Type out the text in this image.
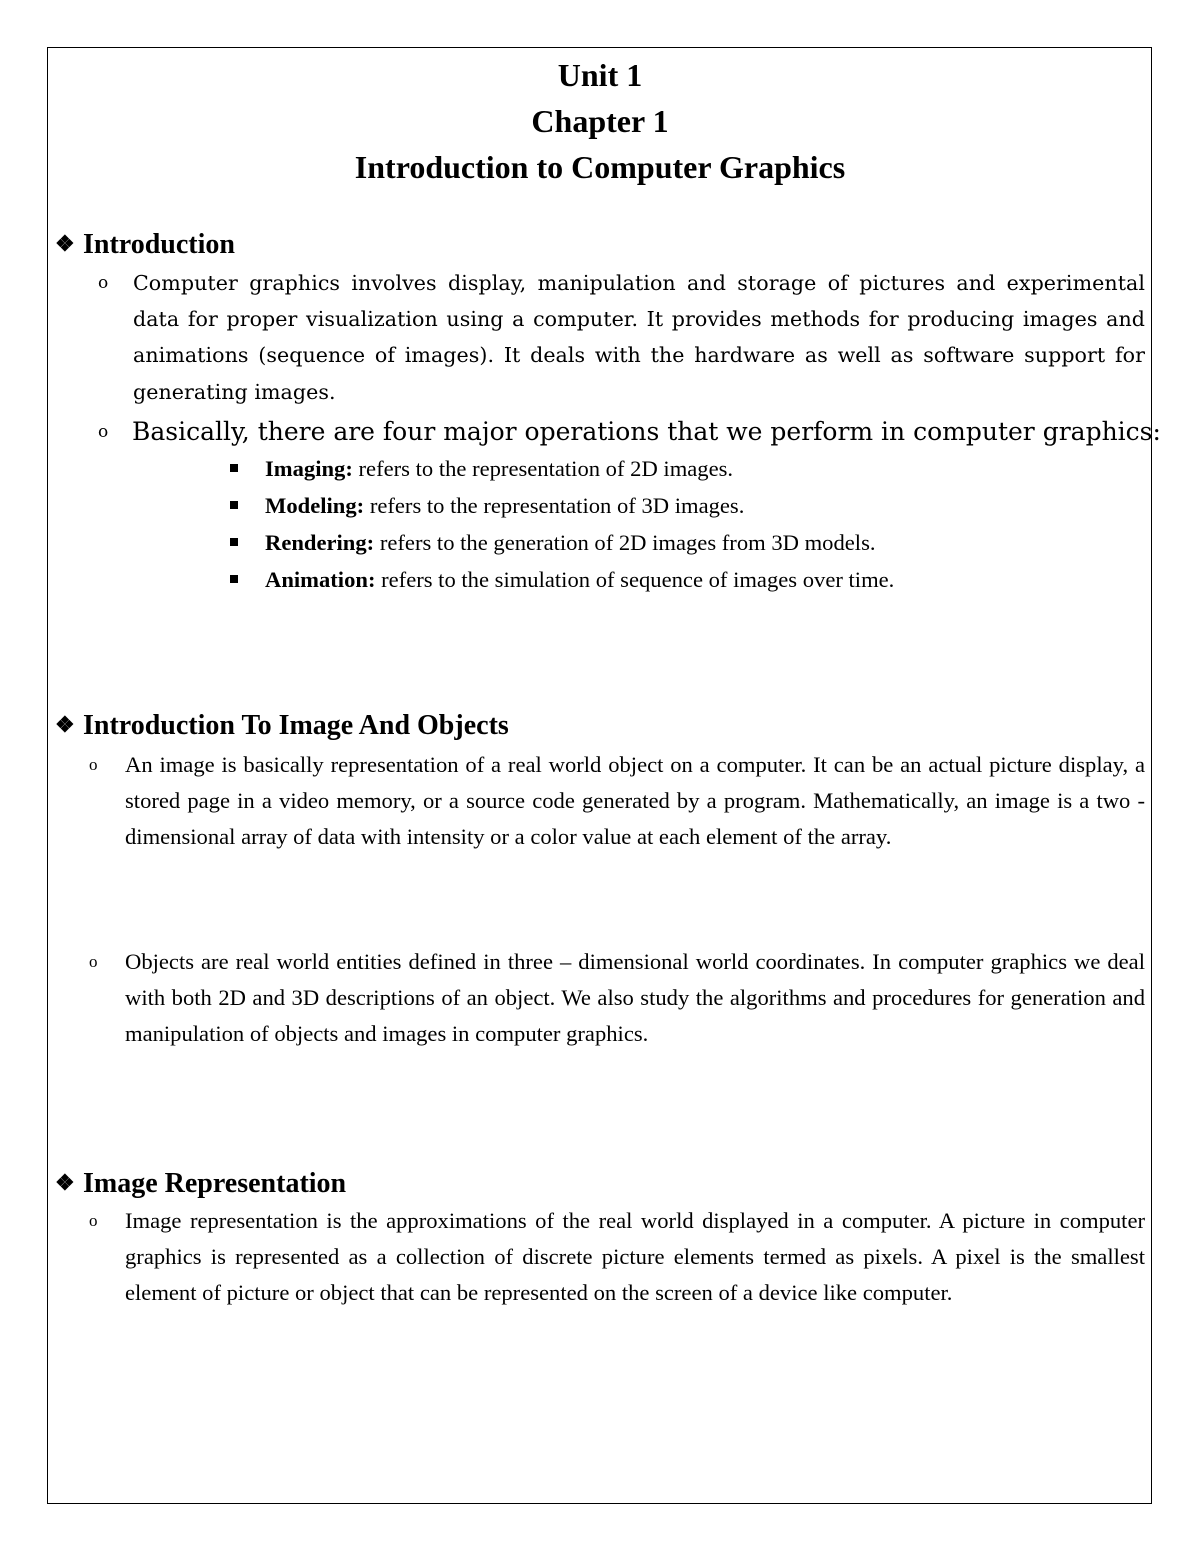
Unit 1
Chapter 1
Introduction to Computer Graphics
❖ Introduction
o Computer graphics involves display, manipulation and storage of pictures and experimental data for proper visualization using a computer. It provides methods for producing images and animations (sequence of images). It deals with the hardware as well as software support for generating images.
o Basically, there are four major operations that we perform in computer graphics:
Imaging: refers to the representation of 2D images.
Modeling: refers to the representation of 3D images.
Rendering: refers to the generation of 2D images from 3D models.
Animation: refers to the simulation of sequence of images over time.
❖ Introduction To Image And Objects
o An image is basically representation of a real world object on a computer. It can be an actual picture display, a stored page in a video memory, or a source code generated by a program. Mathematically, an image is a two - dimensional array of data with intensity or a color value at each element of the array.
o Objects are real world entities defined in three – dimensional world coordinates. In computer graphics we deal with both 2D and 3D descriptions of an object. We also study the algorithms and procedures for generation and manipulation of objects and images in computer graphics.
❖ Image Representation
o Image representation is the approximations of the real world displayed in a computer. A picture in computer graphics is represented as a collection of discrete picture elements termed as pixels. A pixel is the smallest element of picture or object that can be represented on the screen of a device like computer.
